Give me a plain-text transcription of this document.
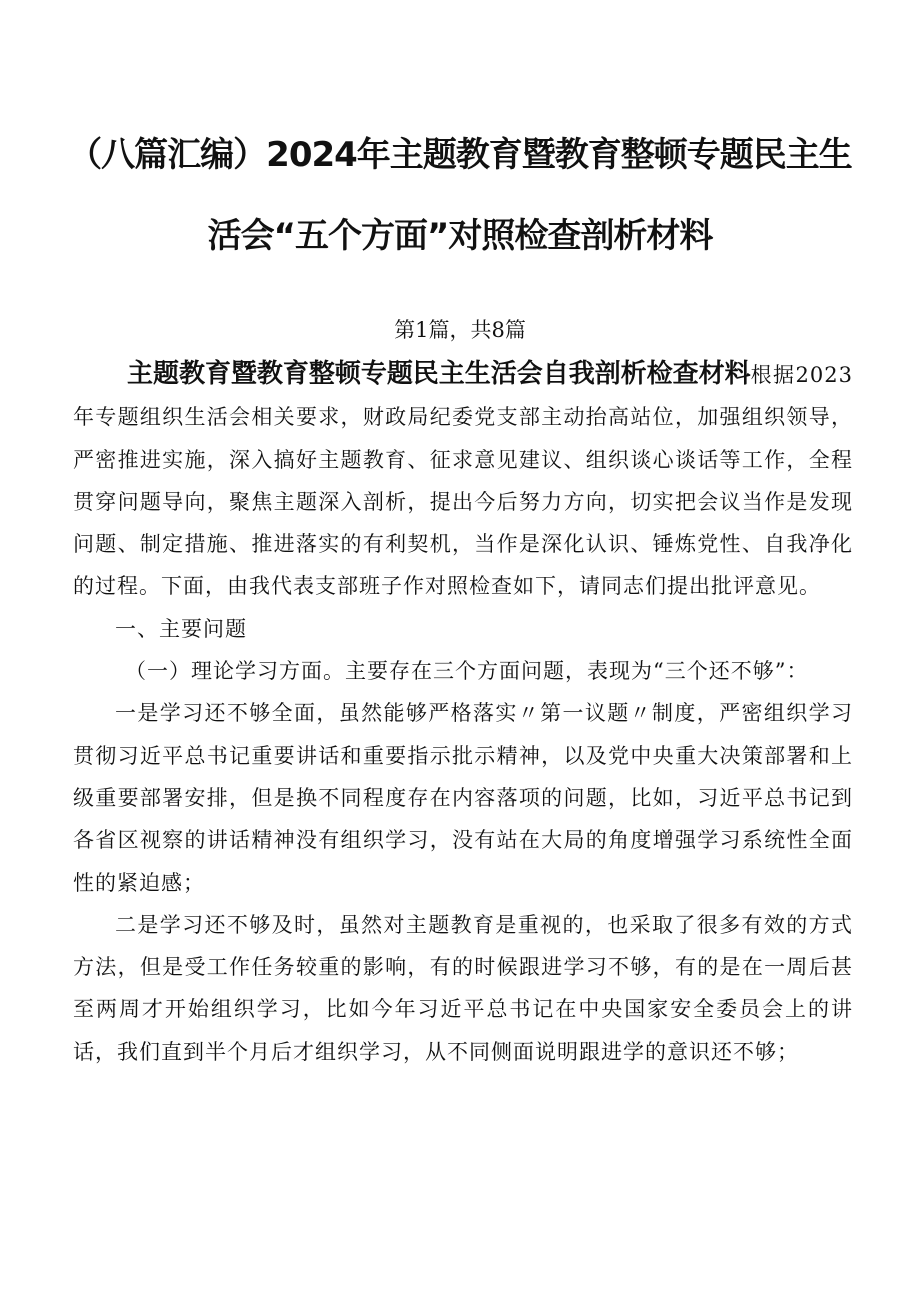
（八篇汇编）2024年主题教育暨教育整顿专题民主生
活会“五个方面”对照检查剖析材料
第1篇，共8篇

主题教育暨教育整顿专题民主生活会自我剖析检查材料根据2023年专题组织生活会相关要求，财政局纪委党支部主动抬高站位，加强组织领导，严密推进实施，深入搞好主题教育、征求意见建议、组织谈心谈话等工作，全程贯穿问题导向，聚焦主题深入剖析，提出今后努力方向，切实把会议当作是发现问题、制定措施、推进落实的有利契机，当作是深化认识、锤炼党性、自我净化的过程。下面，由我代表支部班子作对照检查如下，请同志们提出批评意见。

一、主要问题

（一）理论学习方面。主要存在三个方面问题，表现为“三个还不够”：

一是学习还不够全面，虽然能够严格落实〃第一议题〃制度，严密组织学习贯彻习近平总书记重要讲话和重要指示批示精神，以及党中央重大决策部署和上级重要部署安排，但是换不同程度存在内容落项的问题，比如，习近平总书记到各省区视察的讲话精神没有组织学习，没有站在大局的角度增强学习系统性全面性的紧迫感；

二是学习还不够及时，虽然对主题教育是重视的，也采取了很多有效的方式方法，但是受工作任务较重的影响，有的时候跟进学习不够，有的是在一周后甚至两周才开始组织学习，比如今年习近平总书记在中央国家安全委员会上的讲话，我们直到半个月后才组织学习，从不同侧面说明跟进学的意识还不够；
